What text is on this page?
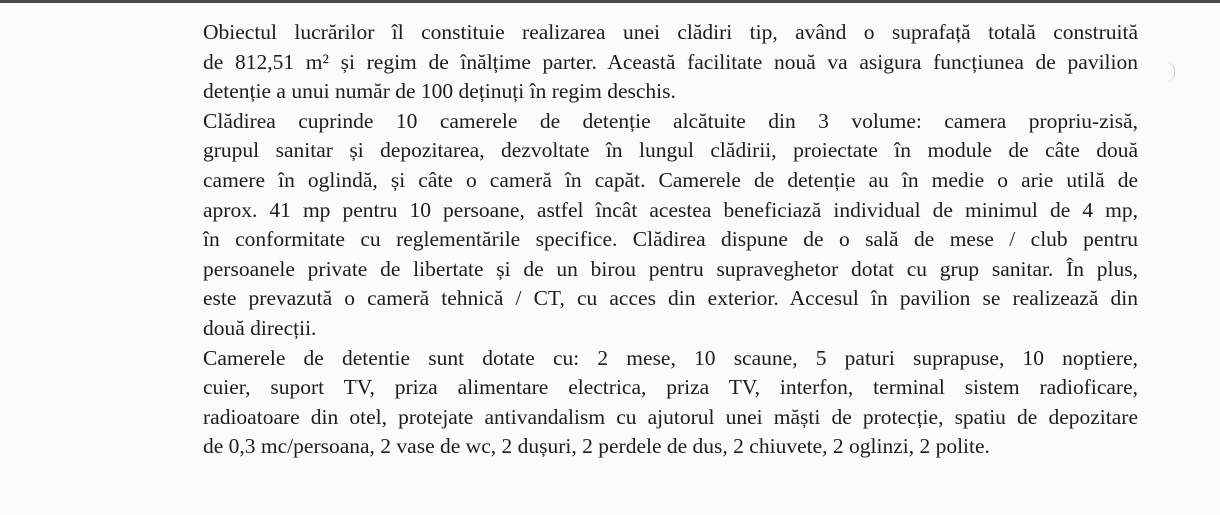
Obiectul lucrărilor îl constituie realizarea unei clădiri tip, având o suprafață totală construită
de 812,51 m² și regim de înălțime parter. Această facilitate nouă va asigura funcțiunea de pavilion
detenție a unui număr de 100 deținuți în regim deschis.

Clădirea cuprinde 10 camerele de detenție alcătuite din 3 volume: camera propriu-zisă,
grupul sanitar și depozitarea, dezvoltate în lungul clădirii, proiectate în module de câte două
camere în oglindă, și câte o cameră în capăt. Camerele de detenție au în medie o arie utilă de
aprox. 41 mp pentru 10 persoane, astfel încât acestea beneficiază individual de minimul de 4 mp,
în conformitate cu reglementările specifice. Clădirea dispune de o sală de mese / club pentru
persoanele private de libertate și de un birou pentru supraveghetor dotat cu grup sanitar. În plus,
este prevazută o cameră tehnică / CT, cu acces din exterior. Accesul în pavilion se realizează din
două direcții.

Camerele de detentie sunt dotate cu: 2 mese, 10 scaune, 5 paturi suprapuse, 10 noptiere,
cuier, suport TV, priza alimentare electrica, priza TV, interfon, terminal sistem radioficare,
radioatoare din otel, protejate antivandalism cu ajutorul unei măști de protecție, spatiu de depozitare
de 0,3 mc/persoana, 2 vase de wc, 2 dușuri, 2 perdele de dus, 2 chiuvete, 2 oglinzi, 2 polite.
